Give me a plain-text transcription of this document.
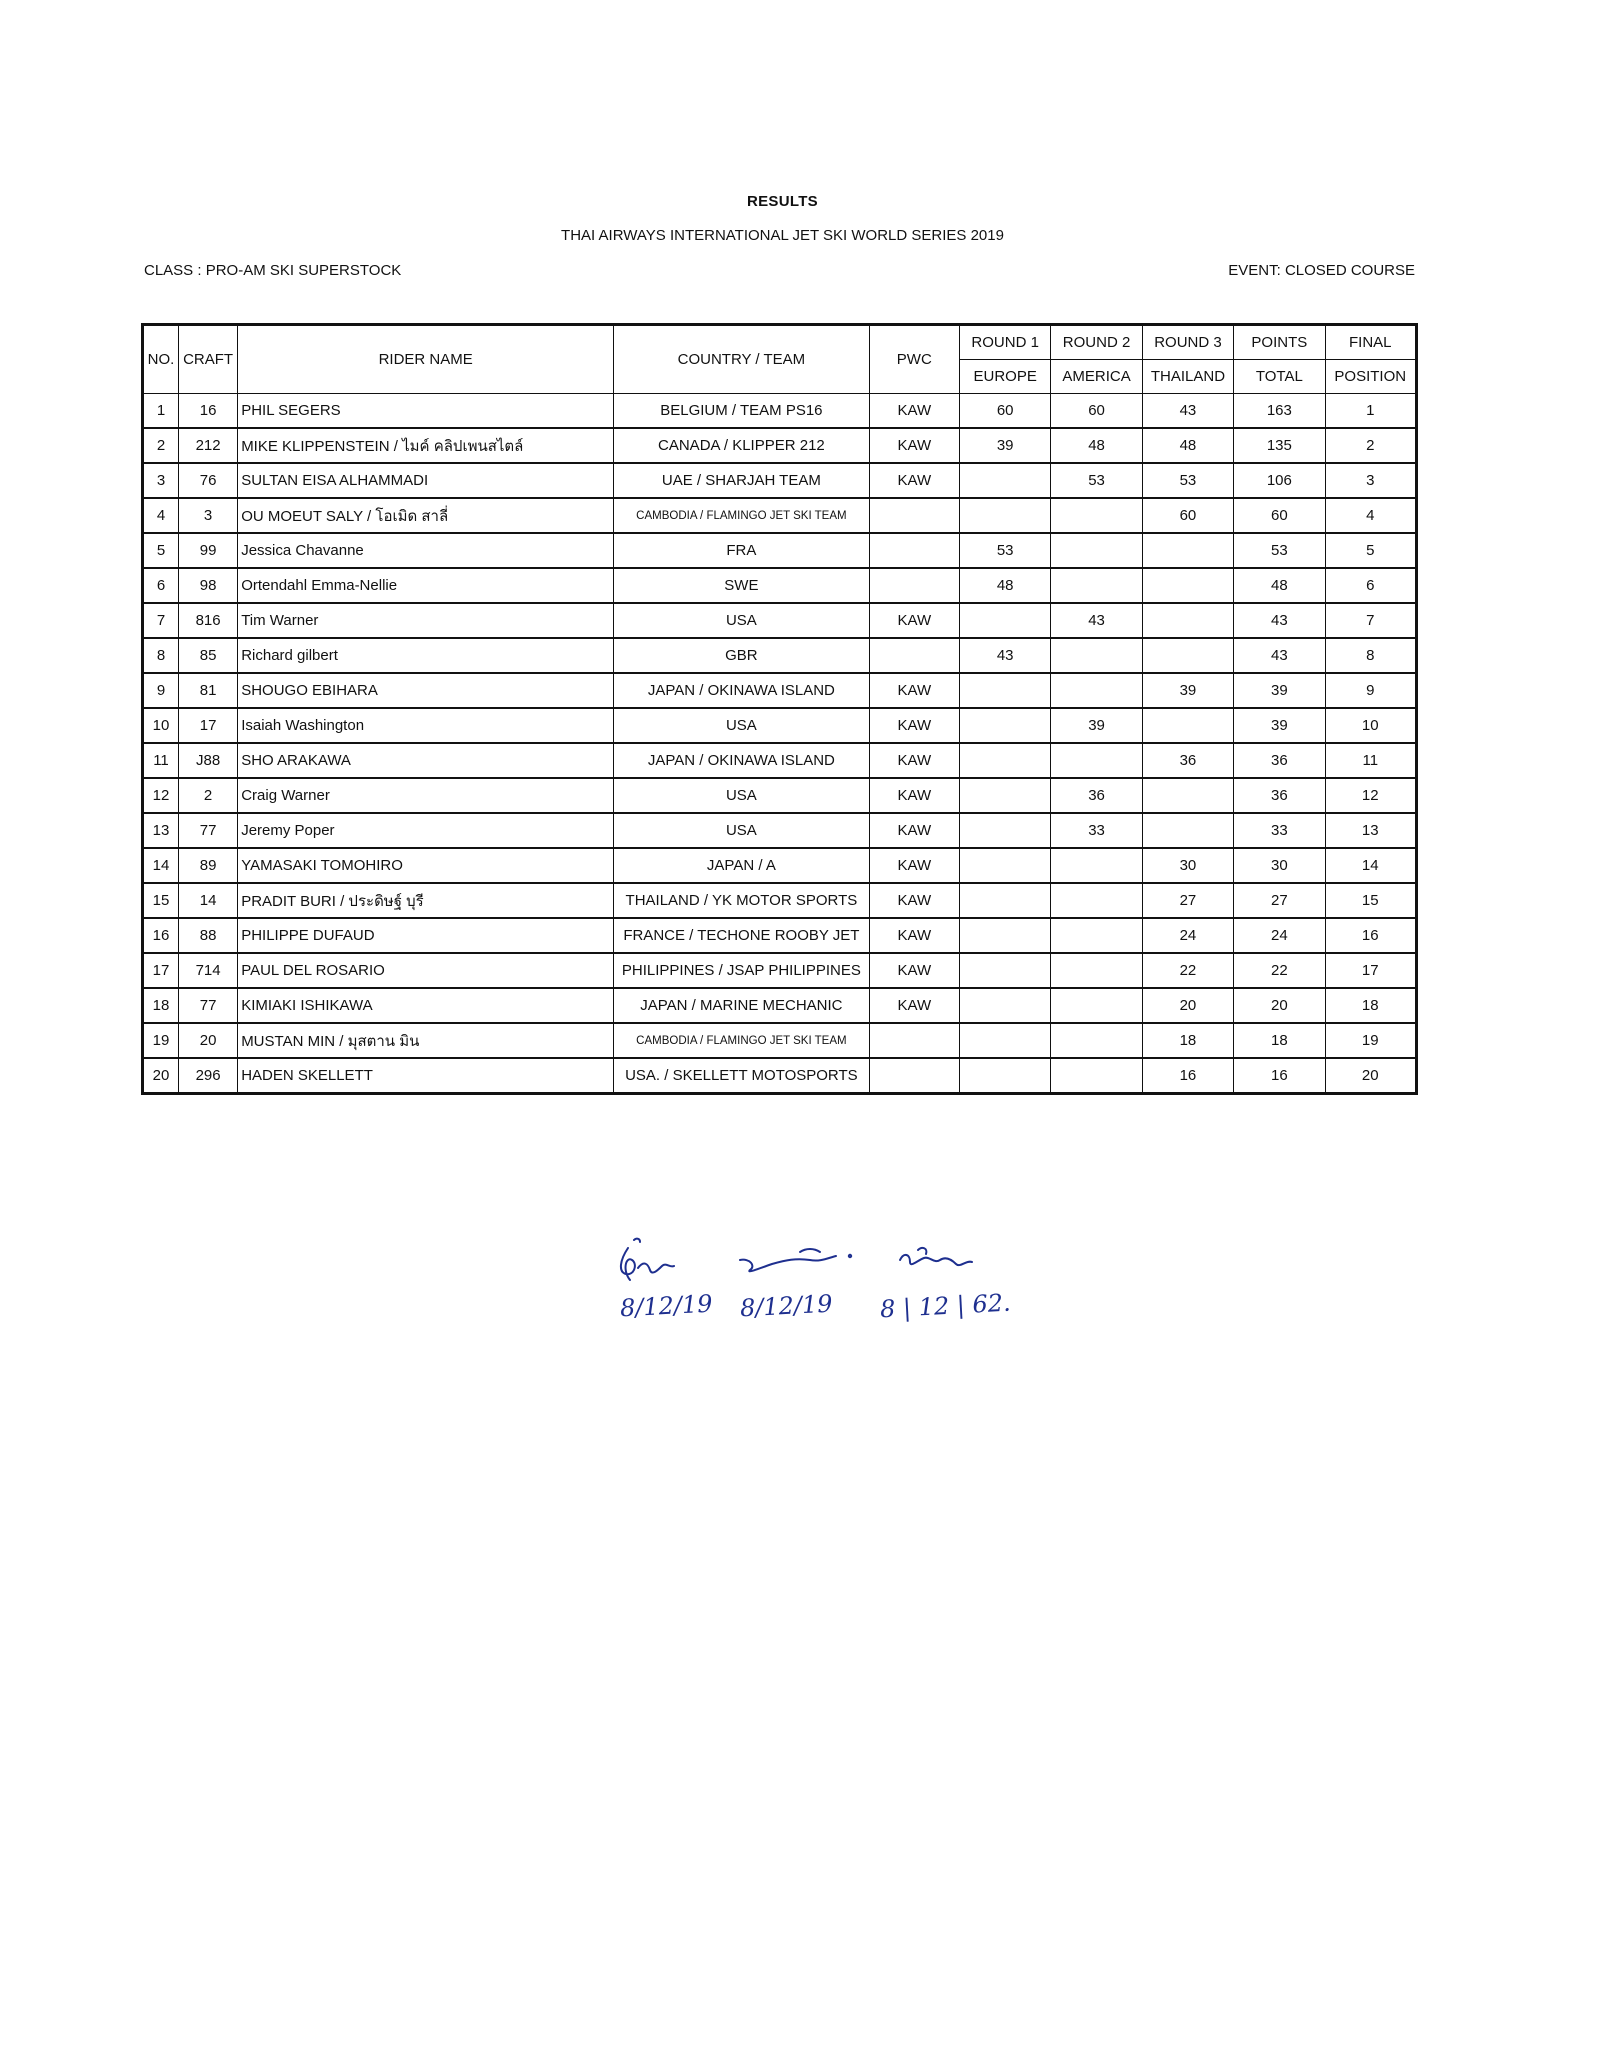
RESULTS
THAI AIRWAYS INTERNATIONAL JET SKI WORLD SERIES 2019
CLASS : PRO-AM SKI SUPERSTOCK	EVENT: CLOSED COURSE
NO.	CRAFT	RIDER NAME	COUNTRY / TEAM	PWC	ROUND 1	ROUND 2	ROUND 3	POINTS	FINAL
					EUROPE	AMERICA	THAILAND	TOTAL	POSITION
1	16	PHIL SEGERS	BELGIUM / TEAM PS16	KAW	60	60	43	163	1
2	212	MIKE KLIPPENSTEIN / ไมค์ คลิปเพนสไตล์	CANADA / KLIPPER 212	KAW	39	48	48	135	2
3	76	SULTAN EISA ALHAMMADI	UAE / SHARJAH TEAM	KAW		53	53	106	3
4	3	OU MOEUT SALY / โอเมิด สาลี่	CAMBODIA / FLAMINGO JET SKI TEAM				60	60	4
5	99	Jessica Chavanne	FRA		53			53	5
6	98	Ortendahl Emma-Nellie	SWE		48			48	6
7	816	Tim Warner	USA	KAW		43		43	7
8	85	Richard gilbert	GBR		43			43	8
9	81	SHOUGO EBIHARA	JAPAN / OKINAWA ISLAND	KAW			39	39	9
10	17	Isaiah Washington	USA	KAW		39		39	10
11	J88	SHO ARAKAWA	JAPAN / OKINAWA ISLAND	KAW			36	36	11
12	2	Craig Warner	USA	KAW		36		36	12
13	77	Jeremy Poper	USA	KAW		33		33	13
14	89	YAMASAKI TOMOHIRO	JAPAN / A	KAW			30	30	14
15	14	PRADIT BURI / ประดิษฐ์ บุรี	THAILAND / YK MOTOR SPORTS	KAW			27	27	15
16	88	PHILIPPE DUFAUD	FRANCE / TECHONE ROOBY JET	KAW			24	24	16
17	714	PAUL DEL ROSARIO	PHILIPPINES / JSAP PHILIPPINES	KAW			22	22	17
18	77	KIMIAKI ISHIKAWA	JAPAN / MARINE MECHANIC	KAW			20	20	18
19	20	MUSTAN MIN / มุสตาน มิน	CAMBODIA / FLAMINGO JET SKI TEAM				18	18	19
20	296	HADEN SKELLETT	USA. / SKELLETT MOTOSPORTS				16	16	20
8/12/19 8/12/19 8 | 12 | 62.
